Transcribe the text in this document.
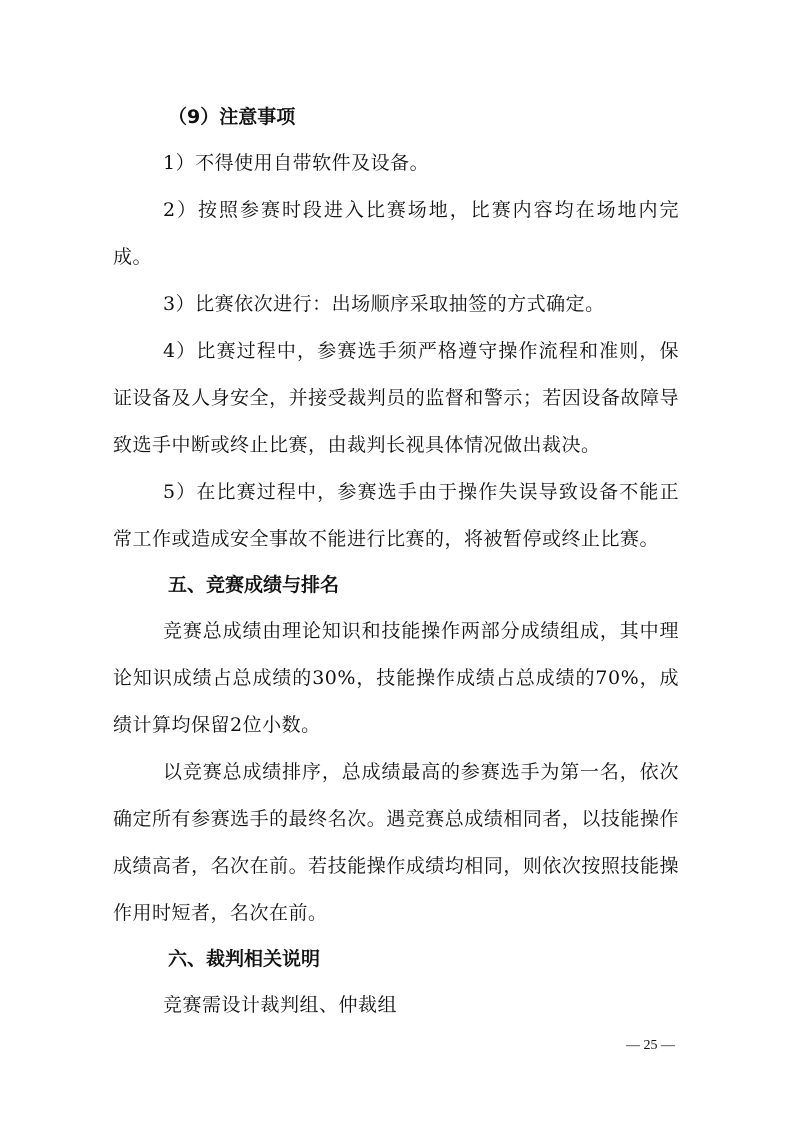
（9）注意事项

1）不得使用自带软件及设备。

2）按照参赛时段进入比赛场地，比赛内容均在场地内完成。

3）比赛依次进行：出场顺序采取抽签的方式确定。

4）比赛过程中，参赛选手须严格遵守操作流程和准则，保证设备及人身安全，并接受裁判员的监督和警示；若因设备故障导致选手中断或终止比赛，由裁判长视具体情况做出裁决。

5）在比赛过程中，参赛选手由于操作失误导致设备不能正常工作或造成安全事故不能进行比赛的，将被暂停或终止比赛。

五、竞赛成绩与排名

竞赛总成绩由理论知识和技能操作两部分成绩组成，其中理论知识成绩占总成绩的30%，技能操作成绩占总成绩的70%，成绩计算均保留2位小数。

以竞赛总成绩排序，总成绩最高的参赛选手为第一名，依次确定所有参赛选手的最终名次。遇竞赛总成绩相同者，以技能操作成绩高者，名次在前。若技能操作成绩均相同，则依次按照技能操作用时短者，名次在前。

六、裁判相关说明

竞赛需设计裁判组、仲裁组

— 25 —
